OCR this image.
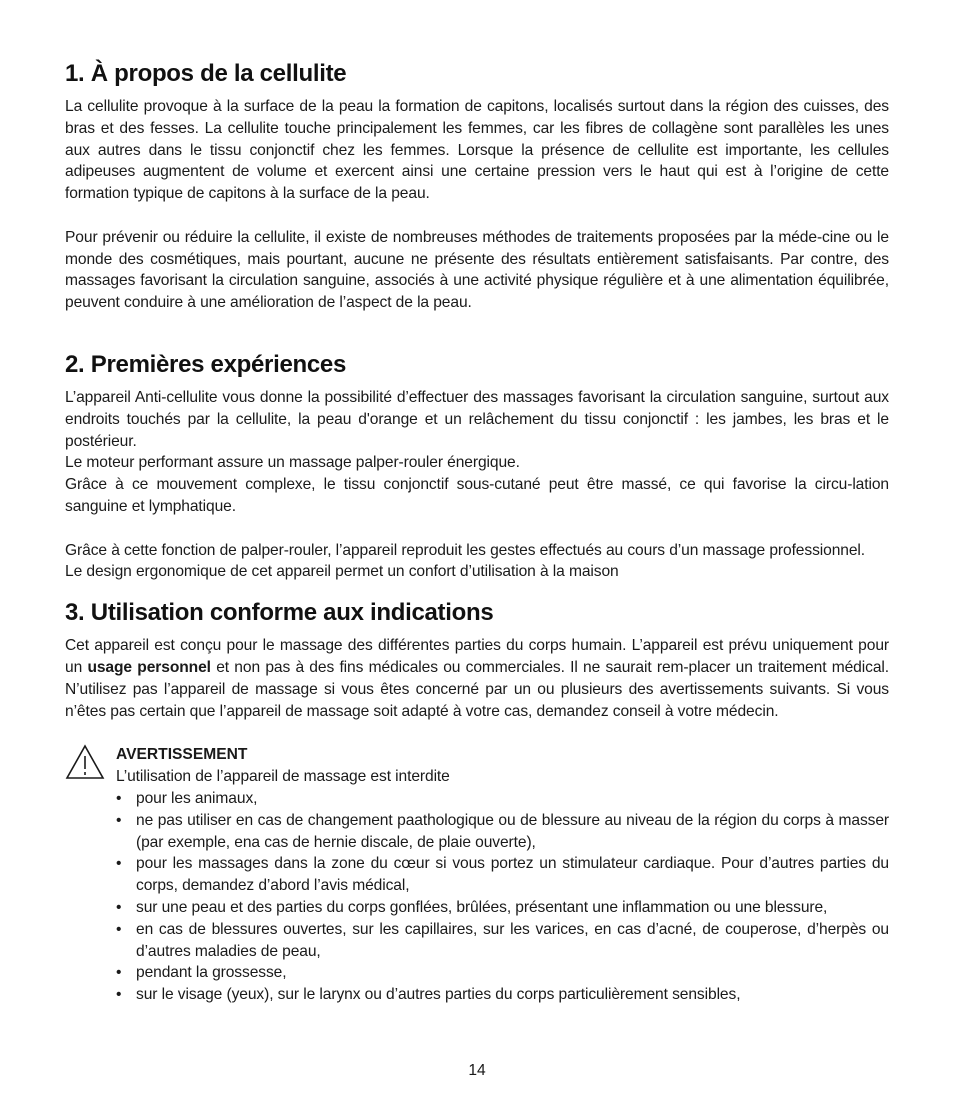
1. À propos de la cellulite

La cellulite provoque à la surface de la peau la formation de capitons, localisés surtout dans la région des cuisses, des bras et des fesses. La cellulite touche principalement les femmes, car les fibres de collagène sont parallèles les unes aux autres dans le tissu conjonctif chez les femmes. Lorsque la présence de cellulite est importante, les cellules adipeuses augmentent de volume et exercent ainsi une certaine pression vers le haut qui est à l’origine de cette formation typique de capitons à la surface de la peau.

Pour prévenir ou réduire la cellulite, il existe de nombreuses méthodes de traitements proposées par la méde-cine ou le monde des cosmétiques, mais pourtant, aucune ne présente des résultats entièrement satisfaisants. Par contre, des massages favorisant la circulation sanguine, associés à une activité physique régulière et à une alimentation équilibrée, peuvent conduire à une amélioration de l’aspect de la peau.

2. Premières expériences

L’appareil Anti-cellulite vous donne la possibilité d’effectuer des massages favorisant la circulation sanguine, surtout aux endroits touchés par la cellulite, la peau d'orange et un relâchement du tissu conjonctif : les jambes, les bras et le postérieur.

Le moteur performant assure un massage palper-rouler énergique.

Grâce à ce mouvement complexe, le tissu conjonctif sous-cutané peut être massé, ce qui favorise la circu-lation sanguine et lymphatique.

Grâce à cette fonction de palper-rouler, l’appareil reproduit les gestes effectués au cours d’un massage professionnel.

Le design ergonomique de cet appareil permet un confort d’utilisation à la maison

3. Utilisation conforme aux indications

Cet appareil est conçu pour le massage des différentes parties du corps humain. L’appareil est prévu uniquement pour un usage personnel et non pas à des fins médicales ou commerciales. Il ne saurait rem-placer un traitement médical. N’utilisez pas l’appareil de massage si vous êtes concerné par un ou plusieurs des avertissements suivants. Si vous n’êtes pas certain que l’appareil de massage soit adapté à votre cas, demandez conseil à votre médecin.

AVERTISSEMENT

L’utilisation de l’appareil de massage est interdite

• pour les animaux,
• ne pas utiliser en cas de changement paathologique ou de blessure au niveau de la région du corps à masser (par exemple, ena cas de hernie discale, de plaie ouverte),
• pour les massages dans la zone du cœur si vous portez un stimulateur cardiaque. Pour d’autres parties du corps, demandez d’abord l’avis médical,
• sur une peau et des parties du corps gonflées, brûlées, présentant une inflammation ou une blessure,
• en cas de blessures ouvertes, sur les capillaires, sur les varices, en cas d’acné, de couperose, d’herpès ou d’autres maladies de peau,
• pendant la grossesse,
• sur le visage (yeux), sur le larynx ou d’autres parties du corps particulièrement sensibles,
14
